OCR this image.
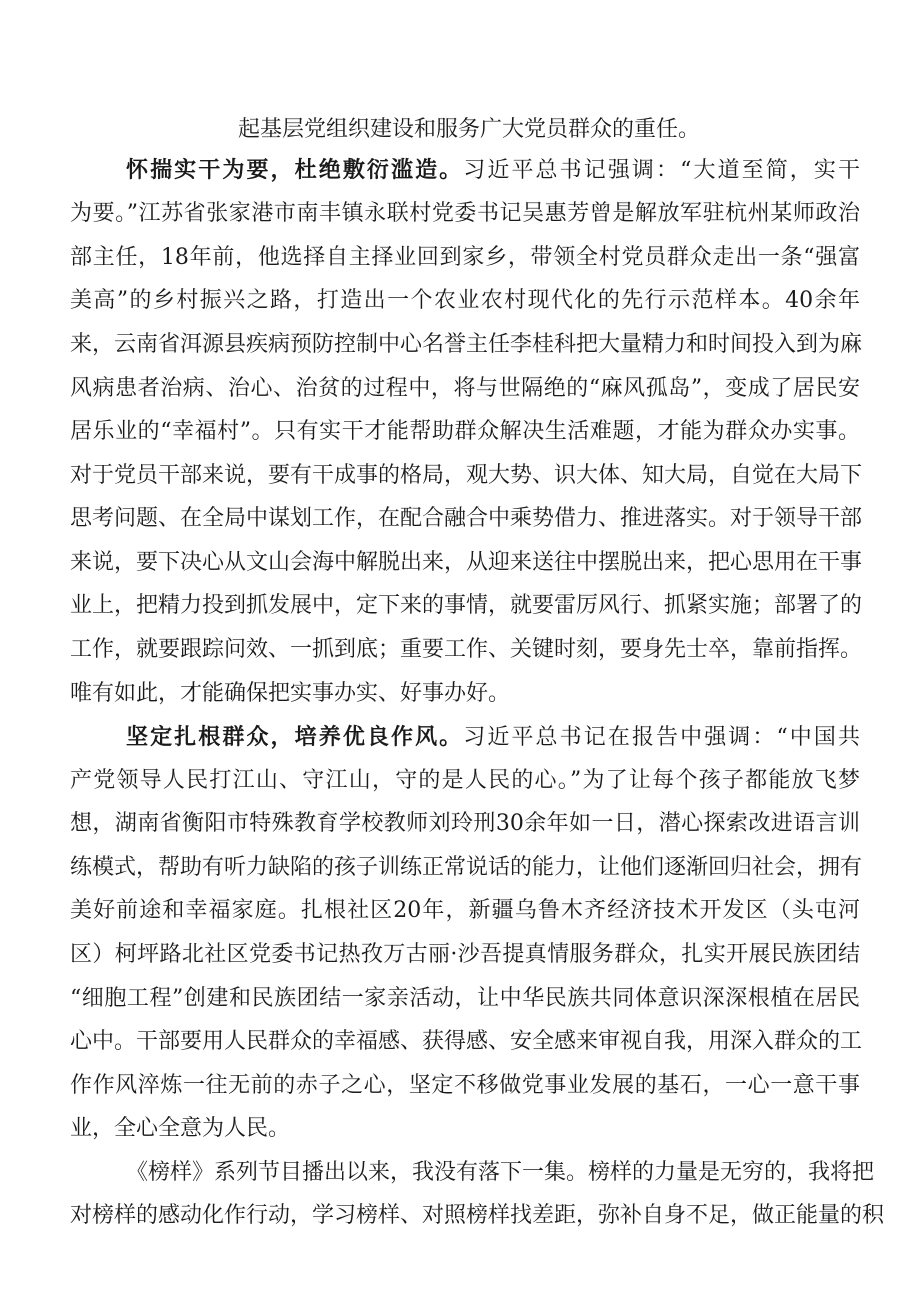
起基层党组织建设和服务广大党员群众的重任。
怀揣实干为要，杜绝敷衍滥造。习近平总书记强调：“大道至简，实干
为要。”江苏省张家港市南丰镇永联村党委书记吴惠芳曾是解放军驻杭州某师政治
部主任，18年前，他选择自主择业回到家乡，带领全村党员群众走出一条“强富
美高”的乡村振兴之路，打造出一个农业农村现代化的先行示范样本。40余年
来，云南省洱源县疾病预防控制中心名誉主任李桂科把大量精力和时间投入到为麻
风病患者治病、治心、治贫的过程中，将与世隔绝的“麻风孤岛”，变成了居民安
居乐业的“幸福村”。只有实干才能帮助群众解决生活难题，才能为群众办实事。
对于党员干部来说，要有干成事的格局，观大势、识大体、知大局，自觉在大局下
思考问题、在全局中谋划工作，在配合融合中乘势借力、推进落实。对于领导干部
来说，要下决心从文山会海中解脱出来，从迎来送往中摆脱出来，把心思用在干事
业上，把精力投到抓发展中，定下来的事情，就要雷厉风行、抓紧实施；部署了的
工作，就要跟踪问效、一抓到底；重要工作、关键时刻，要身先士卒，靠前指挥。
唯有如此，才能确保把实事办实、好事办好。
坚定扎根群众，培养优良作风。习近平总书记在报告中强调：“中国共
产党领导人民打江山、守江山，守的是人民的心。”为了让每个孩子都能放飞梦
想，湖南省衡阳市特殊教育学校教师刘玲刑30余年如一日，潜心探索改进语言训
练模式，帮助有听力缺陷的孩子训练正常说话的能力，让他们逐渐回归社会，拥有
美好前途和幸福家庭。扎根社区20年，新疆乌鲁木齐经济技术开发区（头屯河
区）柯坪路北社区党委书记热孜万古丽·沙吾提真情服务群众，扎实开展民族团结
“细胞工程”创建和民族团结一家亲活动，让中华民族共同体意识深深根植在居民
心中。干部要用人民群众的幸福感、获得感、安全感来审视自我，用深入群众的工
作作风淬炼一往无前的赤子之心，坚定不移做党事业发展的基石，一心一意干事
业，全心全意为人民。
《榜样》系列节目播出以来，我没有落下一集。榜样的力量是无穷的，我将把
对榜样的感动化作行动，学习榜样、对照榜样找差距，弥补自身不足，做正能量的积
